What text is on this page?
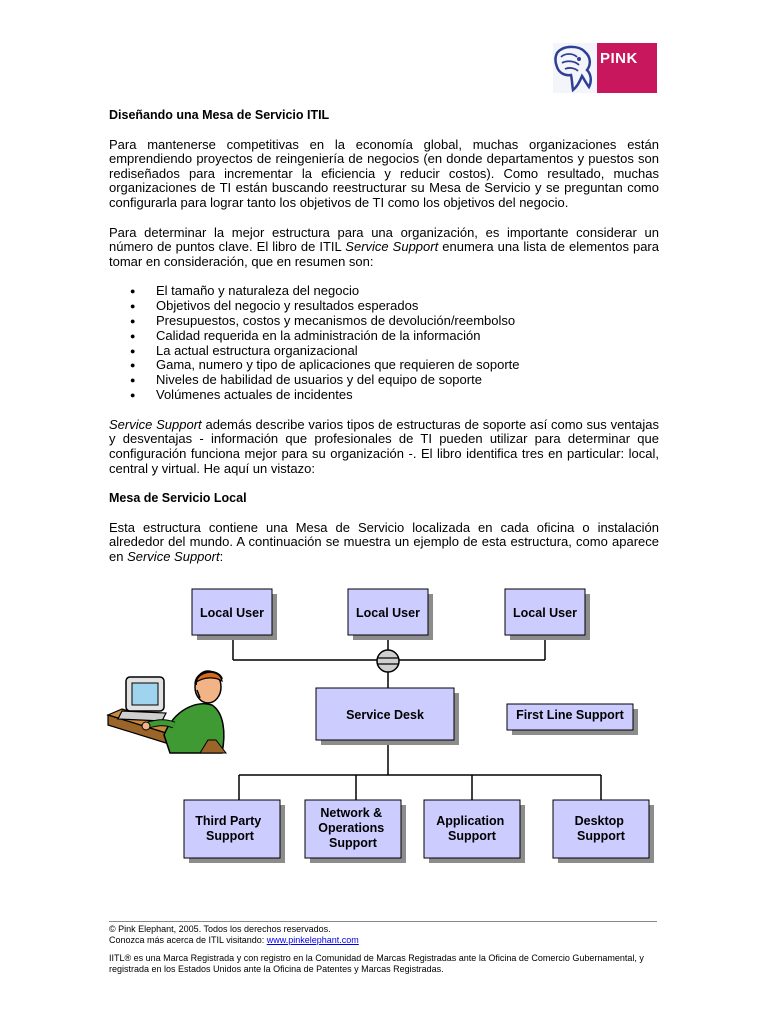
PINK
Diseñando una Mesa de Servicio ITIL

Para mantenerse competitivas en la economía global, muchas organizaciones están emprendiendo proyectos de reingeniería de negocios (en donde departamentos y puestos son rediseñados para incrementar la eficiencia y reducir costos). Como resultado, muchas organizaciones de TI están buscando reestructurar su Mesa de Servicio y se preguntan como configurarla para lograr tanto los objetivos de TI como los objetivos del negocio.

Para determinar la mejor estructura para una organización, es importante considerar un número de puntos clave. El libro de ITIL Service Support enumera una lista de elementos para tomar en consideración, que en resumen son:

● El tamaño y naturaleza del negocio
● Objetivos del negocio y resultados esperados
● Presupuestos, costos y mecanismos de devolución/reembolso
● Calidad requerida en la administración de la información
● La actual estructura organizacional
● Gama, numero y tipo de aplicaciones que requieren de soporte
● Niveles de habilidad de usuarios y del equipo de soporte
● Volúmenes actuales de incidentes

Service Support además describe varios tipos de estructuras de soporte así como sus ventajas y desventajas - información que profesionales de TI pueden utilizar para determinar que configuración funciona mejor para su organización -. El libro identifica tres en particular: local, central y virtual. He aquí un vistazo:

Mesa de Servicio Local

Esta estructura contiene una Mesa de Servicio localizada en cada oficina o instalación alrededor del mundo. A continuación se muestra un ejemplo de esta estructura, como aparece en Service Support:

Local User	Local User	Local User
Service Desk	First Line Support
Third Party Support
Network & Operations Support
Application Support
Desktop Support
© Pink Elephant, 2005. Todos los derechos reservados.
Conozca más acerca de ITIL visitando: www.pinkelephant.com
IITL® es una Marca Registrada y con registro en la Comunidad de Marcas Registradas ante la Oficina de Comercio Gubernamental, y registrada en los Estados Unidos ante la Oficina de Patentes y Marcas Registradas.
